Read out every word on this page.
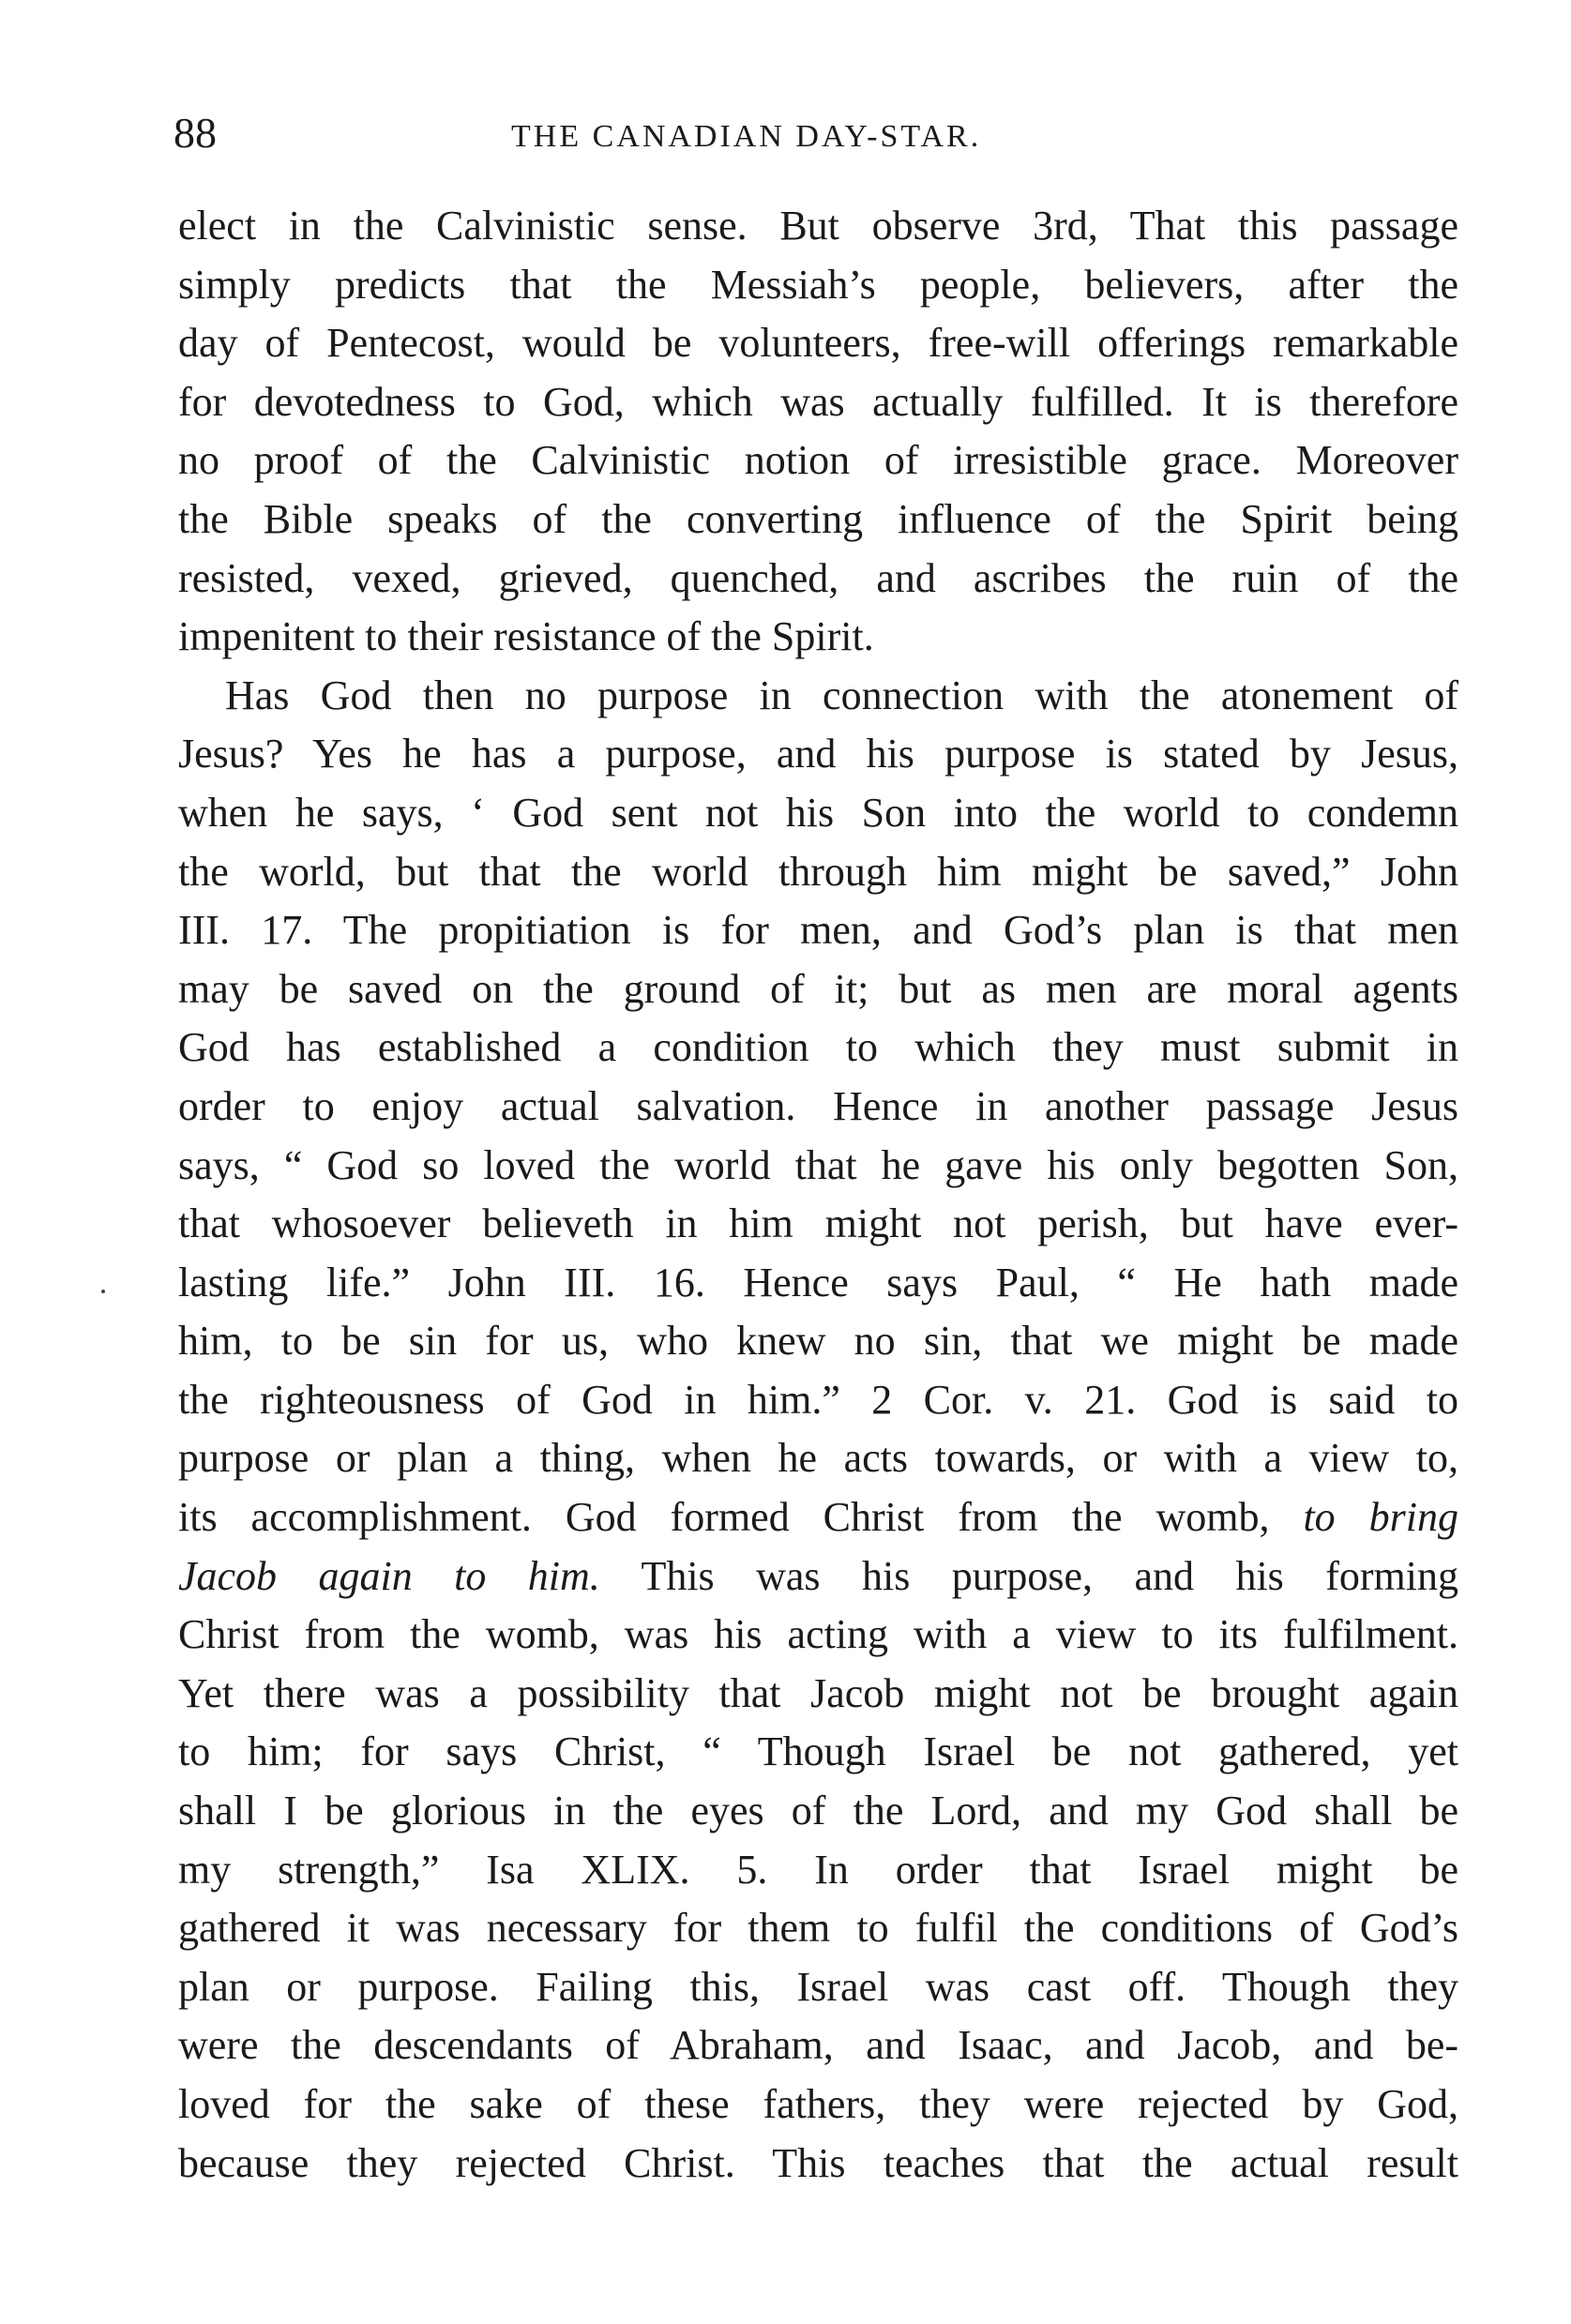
88	THE CANADIAN DAY-STAR.
elect in the Calvinistic sense. But observe 3rd, That this passage
simply predicts that the Messiah’s people, believers, after the
day of Pentecost, would be volunteers, free-will offerings remarkable
for devotedness to God, which was actually fulfilled. It is therefore
no proof of the Calvinistic notion of irresistible grace. Moreover
the Bible speaks of the converting influence of the Spirit being
resisted, vexed, grieved, quenched, and ascribes the ruin of the
impenitent to their resistance of the Spirit.
Has God then no purpose in connection with the atonement of
Jesus? Yes he has a purpose, and his purpose is stated by Jesus,
when he says, ‘ God sent not his Son into the world to condemn
the world, but that the world through him might be saved,” John
III. 17. The propitiation is for men, and God’s plan is that men
may be saved on the ground of it; but as men are moral agents
God has established a condition to which they must submit in
order to enjoy actual salvation. Hence in another passage Jesus
says, “ God so loved the world that he gave his only begotten Son,
that whosoever believeth in him might not perish, but have ever-
lasting life.” John III. 16. Hence says Paul, “ He hath made
him, to be sin for us, who knew no sin, that we might be made
the righteousness of God in him.” 2 Cor. v. 21. God is said to
purpose or plan a thing, when he acts towards, or with a view to,
its accomplishment. God formed Christ from the womb, to bring
Jacob again to him. This was his purpose, and his forming
Christ from the womb, was his acting with a view to its fulfilment.
Yet there was a possibility that Jacob might not be brought again
to him; for says Christ, “ Though Israel be not gathered, yet
shall I be glorious in the eyes of the Lord, and my God shall be
my strength,” Isa XLIX. 5. In order that Israel might be
gathered it was necessary for them to fulfil the conditions of God’s
plan or purpose. Failing this, Israel was cast off. Though they
were the descendants of Abraham, and Isaac, and Jacob, and be-
loved for the sake of these fathers, they were rejected by God,
because they rejected Christ. This teaches that the actual result
